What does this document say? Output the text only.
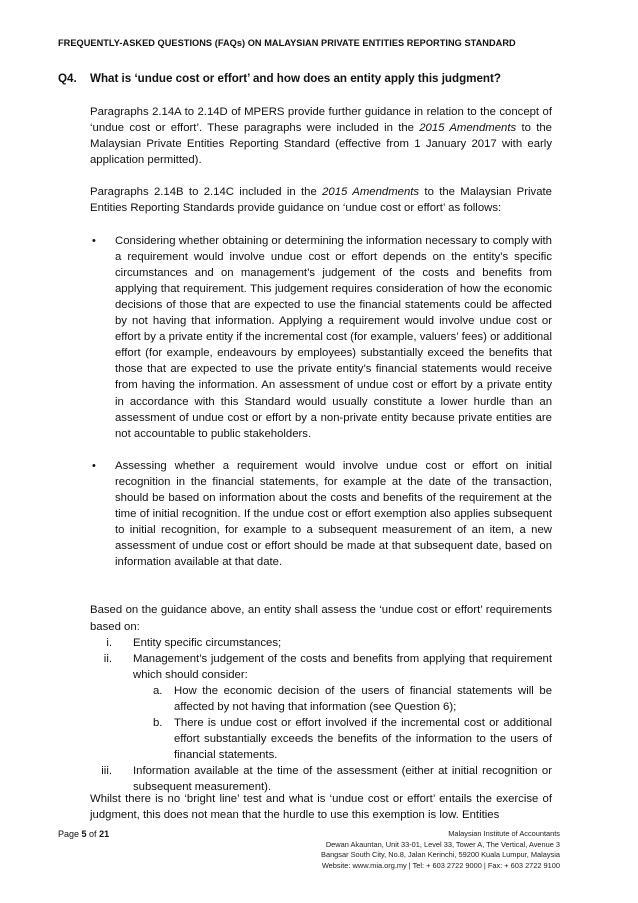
FREQUENTLY-ASKED QUESTIONS (FAQs) ON MALAYSIAN PRIVATE ENTITIES REPORTING STANDARD
Q4. What is ‘undue cost or effort’ and how does an entity apply this judgment?

Paragraphs 2.14A to 2.14D of MPERS provide further guidance in relation to the concept of ‘undue cost or effort’. These paragraphs were included in the 2015 Amendments to the Malaysian Private Entities Reporting Standard (effective from 1 January 2017 with early application permitted).

Paragraphs 2.14B to 2.14C included in the 2015 Amendments to the Malaysian Private Entities Reporting Standards provide guidance on ‘undue cost or effort’ as follows:

• Considering whether obtaining or determining the information necessary to comply with a requirement would involve undue cost or effort depends on the entity’s specific circumstances and on management’s judgement of the costs and benefits from applying that requirement. This judgement requires consideration of how the economic decisions of those that are expected to use the financial statements could be affected by not having that information. Applying a requirement would involve undue cost or effort by a private entity if the incremental cost (for example, valuers’ fees) or additional effort (for example, endeavours by employees) substantially exceed the benefits that those that are expected to use the private entity’s financial statements would receive from having the information. An assessment of undue cost or effort by a private entity in accordance with this Standard would usually constitute a lower hurdle than an assessment of undue cost or effort by a non-private entity because private entities are not accountable to public stakeholders.
• Assessing whether a requirement would involve undue cost or effort on initial recognition in the financial statements, for example at the date of the transaction, should be based on information about the costs and benefits of the requirement at the time of initial recognition. If the undue cost or effort exemption also applies subsequent to initial recognition, for example to a subsequent measurement of an item, a new assessment of undue cost or effort should be made at that subsequent date, based on information available at that date.

Based on the guidance above, an entity shall assess the ‘undue cost or effort’ requirements based on:

i. Entity specific circumstances;
ii. Management’s judgement of the costs and benefits from applying that requirement which should consider:
a. How the economic decision of the users of financial statements will be affected by not having that information (see Question 6);
b. There is undue cost or effort involved if the incremental cost or additional effort substantially exceeds the benefits of the information to the users of financial statements.
iii. Information available at the time of the assessment (either at initial recognition or subsequent measurement).
Whilst there is no ‘bright line’ test and what is ‘undue cost or effort’ entails the exercise of judgment, this does not mean that the hurdle to use this exemption is low. Entities
Page 5 of 21	Malaysian Institute of Accountants
Dewan Akauntan, Unit 33-01, Level 33, Tower A, The Vertical, Avenue 3
Bangsar South City, No.8, Jalan Kerinchi, 59200 Kuala Lumpur, Malaysia
Website: www.mia.org.my | Tel: + 603 2722 9000 | Fax: + 603 2722 9100
